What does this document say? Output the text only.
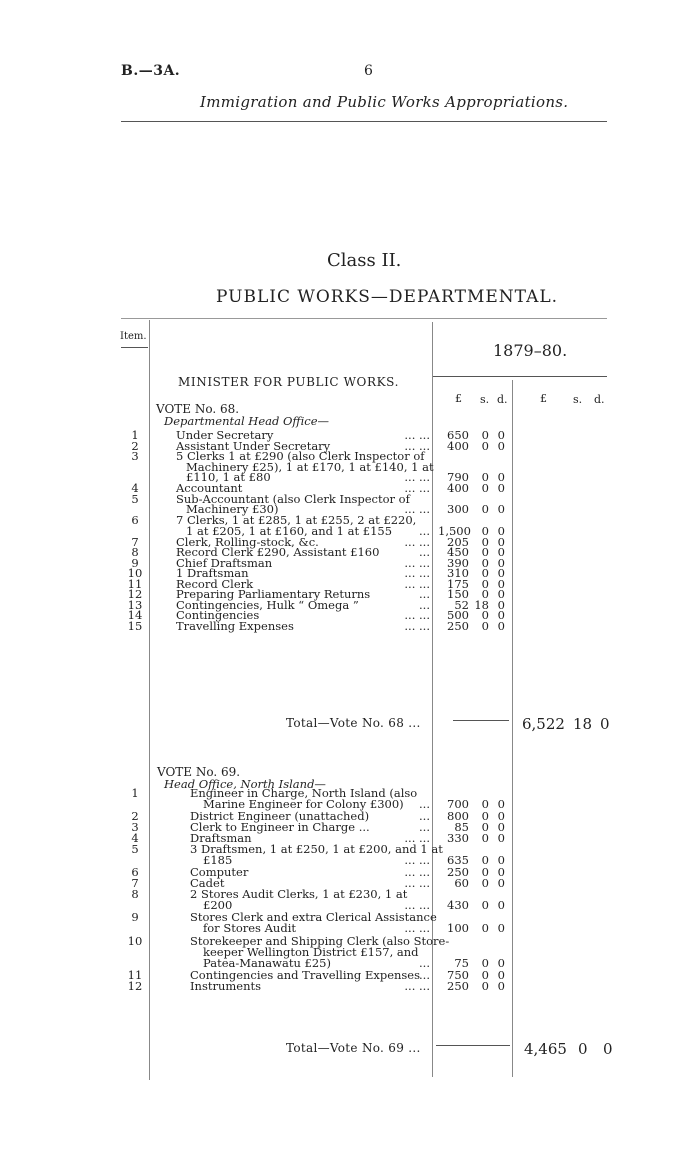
B.—3A.	6
Immigration and Public Works Appropriations.
Class II.
PUBLIC WORKS—DEPARTMENTAL.
Item.
1879–80.
MINISTER FOR PUBLIC WORKS.
£ s. d.	£ s. d.
VOTE No. 68.
Departmental Head Office—
Under Secretary
1	... ...	650	0 0
Assistant Under Secretary
2	... ...	400	0 0
5 Clerks 1 at £290 (also Clerk Inspector of
Machinery £25), 1 at £170, 1 at £140, 1 at
£110, 1 at £80
3
... ...	790	0 0
Accountant
4	... ...	400	0 0
Sub-Accountant (also Clerk Inspector of
Machinery £30)
5
... ...	300	0 0
7 Clerks, 1 at £285, 1 at £255, 2 at £220,
1 at £205, 1 at £160, and 1 at £155
6
... 1,500 0 0
Clerk, Rolling-stock, &c.
7	... ...	205	0 0
Record Clerk £290, Assistant £160
8	...	450	0 0
Chief Draftsman
9	... ...	390	0 0
1 Draftsman
10	... ...	310	0 0
Record Clerk
11	... ...	175	0 0
Preparing Parliamentary Returns
12	...	150	0 0
Contingencies, Hulk “ Omega ”
13	...	52 18 0
Contingencies
14	... ...	500	0 0
Travelling Expenses
15	... ...	250	0 0
Total—Vote No. 68 ...	6,522 18 0
VOTE No. 69.
Head Office, North Island—
Engineer in Charge, North Island (also
Marine Engineer for Colony £300)
1
...	700	0 0
District Engineer (unattached)
2	...	800	0 0
Clerk to Engineer in Charge ...
3	...	85	0 0
Draftsman
4	... ...	330	0 0
3 Draftsmen, 1 at £250, 1 at £200, and 1 at
£185
5
... ...	635	0 0
Computer
6	... ...	250	0 0
Cadet
7	... ...	60	0 0
2 Stores Audit Clerks, 1 at £230, 1 at
£200
8
... ...	430	0 0
Stores Clerk and extra Clerical Assistance
for Stores Audit
9
... ...	100	0 0
Storekeeper and Shipping Clerk (also Store-
keeper Wellington District £157, and
Patea-Manawatu £25)
10
...	75	0 0
Contingencies and Travelling Expenses
11	...	750	0 0
Instruments
12	... ...	250	0 0
Total—Vote No. 69 ...	4,465 0 0
